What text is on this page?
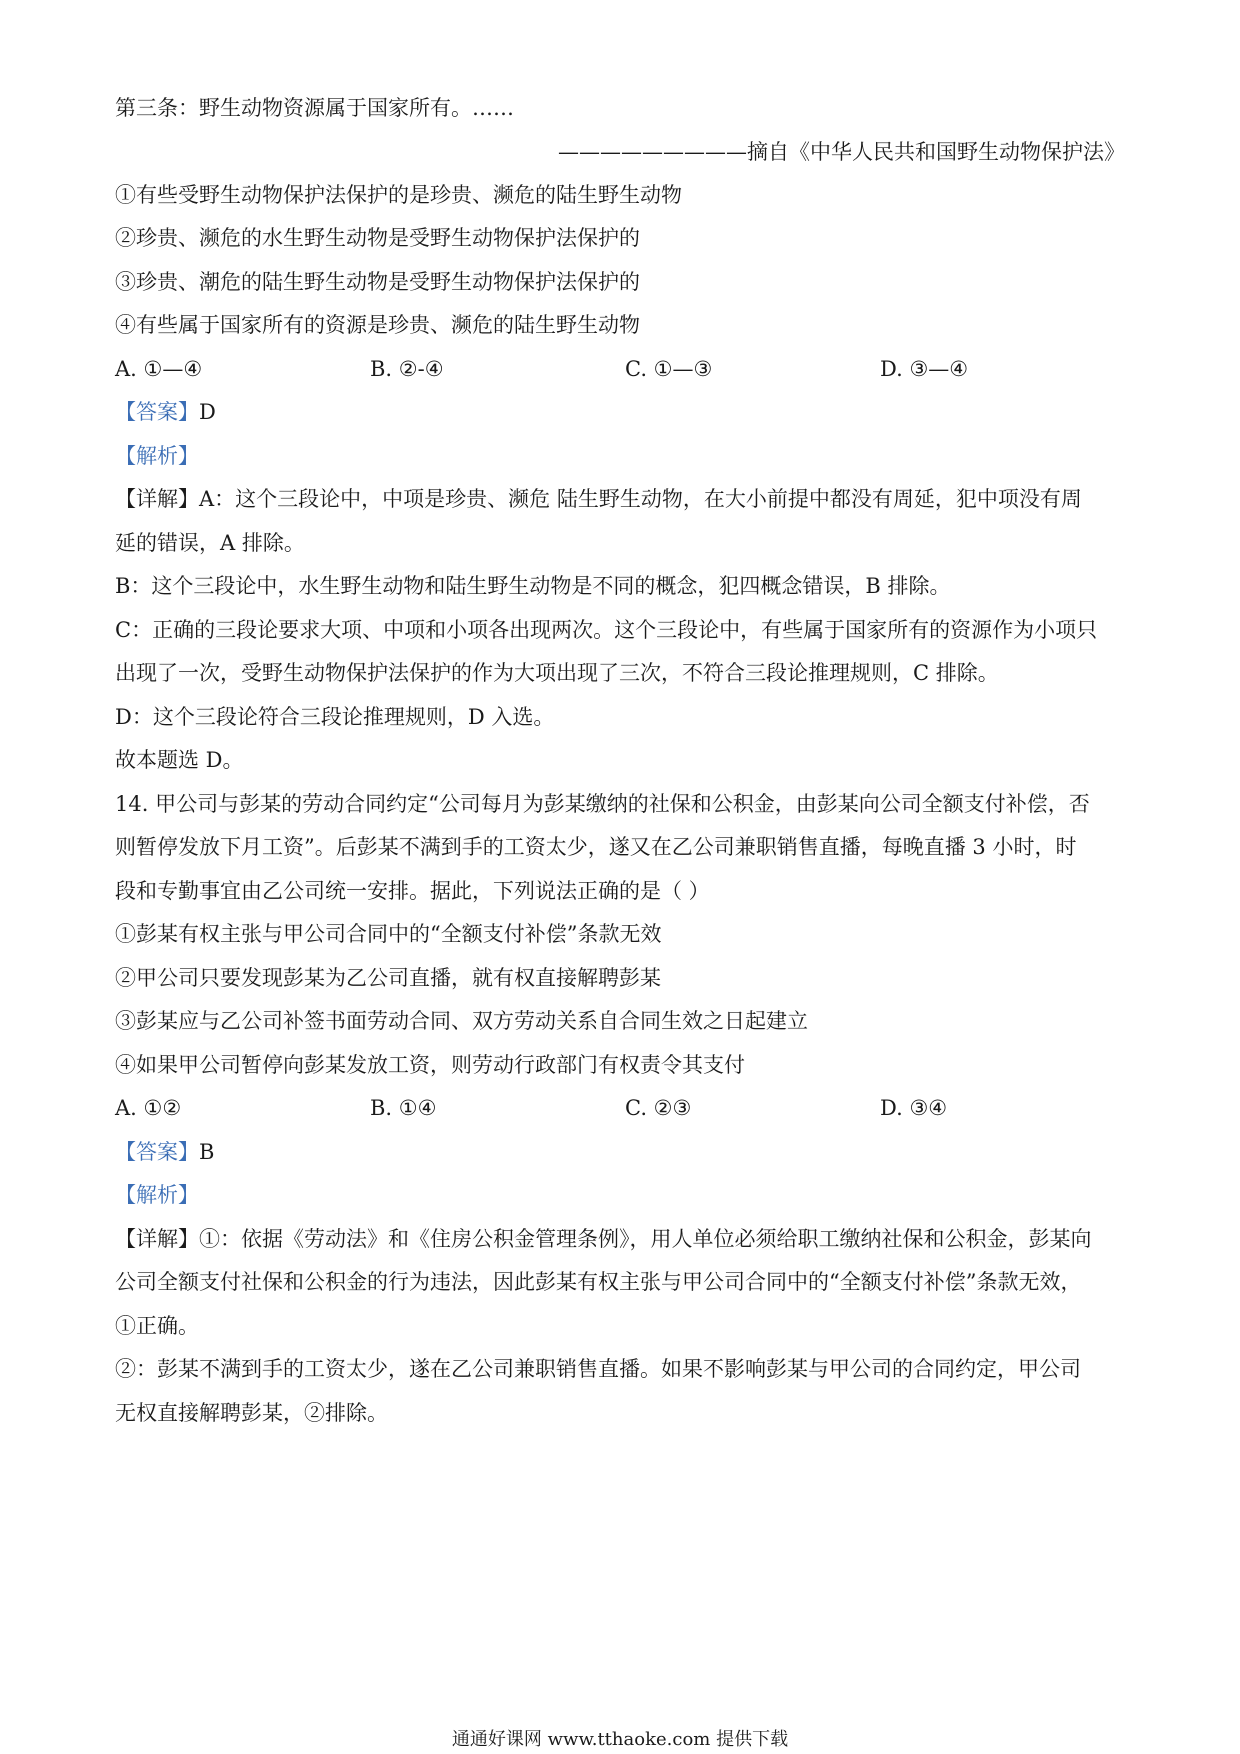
第三条：野生动物资源属于国家所有。……
—————————摘自《中华人民共和国野生动物保护法》
①有些受野生动物保护法保护的是珍贵、濒危的陆生野生动物
②珍贵、濒危的水生野生动物是受野生动物保护法保护的
③珍贵、潮危的陆生野生动物是受野生动物保护法保护的
④有些属于国家所有的资源是珍贵、濒危的陆生野生动物
A. ①—④	B. ②-④	C. ①—③	D. ③—④
【答案】D
【解析】
【详解】A：这个三段论中，中项是珍贵、濒危 陆生野生动物，在大小前提中都没有周延，犯中项没有周
延的错误，A 排除。
B：这个三段论中，水生野生动物和陆生野生动物是不同的概念，犯四概念错误，B 排除。
C：正确的三段论要求大项、中项和小项各出现两次。这个三段论中，有些属于国家所有的资源作为小项只
出现了一次，受野生动物保护法保护的作为大项出现了三次，不符合三段论推理规则，C 排除。
D：这个三段论符合三段论推理规则，D 入选。
故本题选 D。
14. 甲公司与彭某的劳动合同约定“公司每月为彭某缴纳的社保和公积金，由彭某向公司全额支付补偿，否
则暂停发放下月工资”。后彭某不满到手的工资太少，遂又在乙公司兼职销售直播，每晚直播 3 小时，时
段和专勤事宜由乙公司统一安排。据此，下列说法正确的是（ ）
①彭某有权主张与甲公司合同中的“全额支付补偿”条款无效
②甲公司只要发现彭某为乙公司直播，就有权直接解聘彭某
③彭某应与乙公司补签书面劳动合同、双方劳动关系自合同生效之日起建立
④如果甲公司暂停向彭某发放工资，则劳动行政部门有权责令其支付
A. ①②	B. ①④	C. ②③	D. ③④
【答案】B
【解析】
【详解】①：依据《劳动法》和《住房公积金管理条例》，用人单位必须给职工缴纳社保和公积金，彭某向
公司全额支付社保和公积金的行为违法，因此彭某有权主张与甲公司合同中的“全额支付补偿”条款无效，
①正确。
②：彭某不满到手的工资太少，遂在乙公司兼职销售直播。如果不影响彭某与甲公司的合同约定，甲公司
无权直接解聘彭某，②排除。
通通好课网 www.tthaoke.com 提供下载
